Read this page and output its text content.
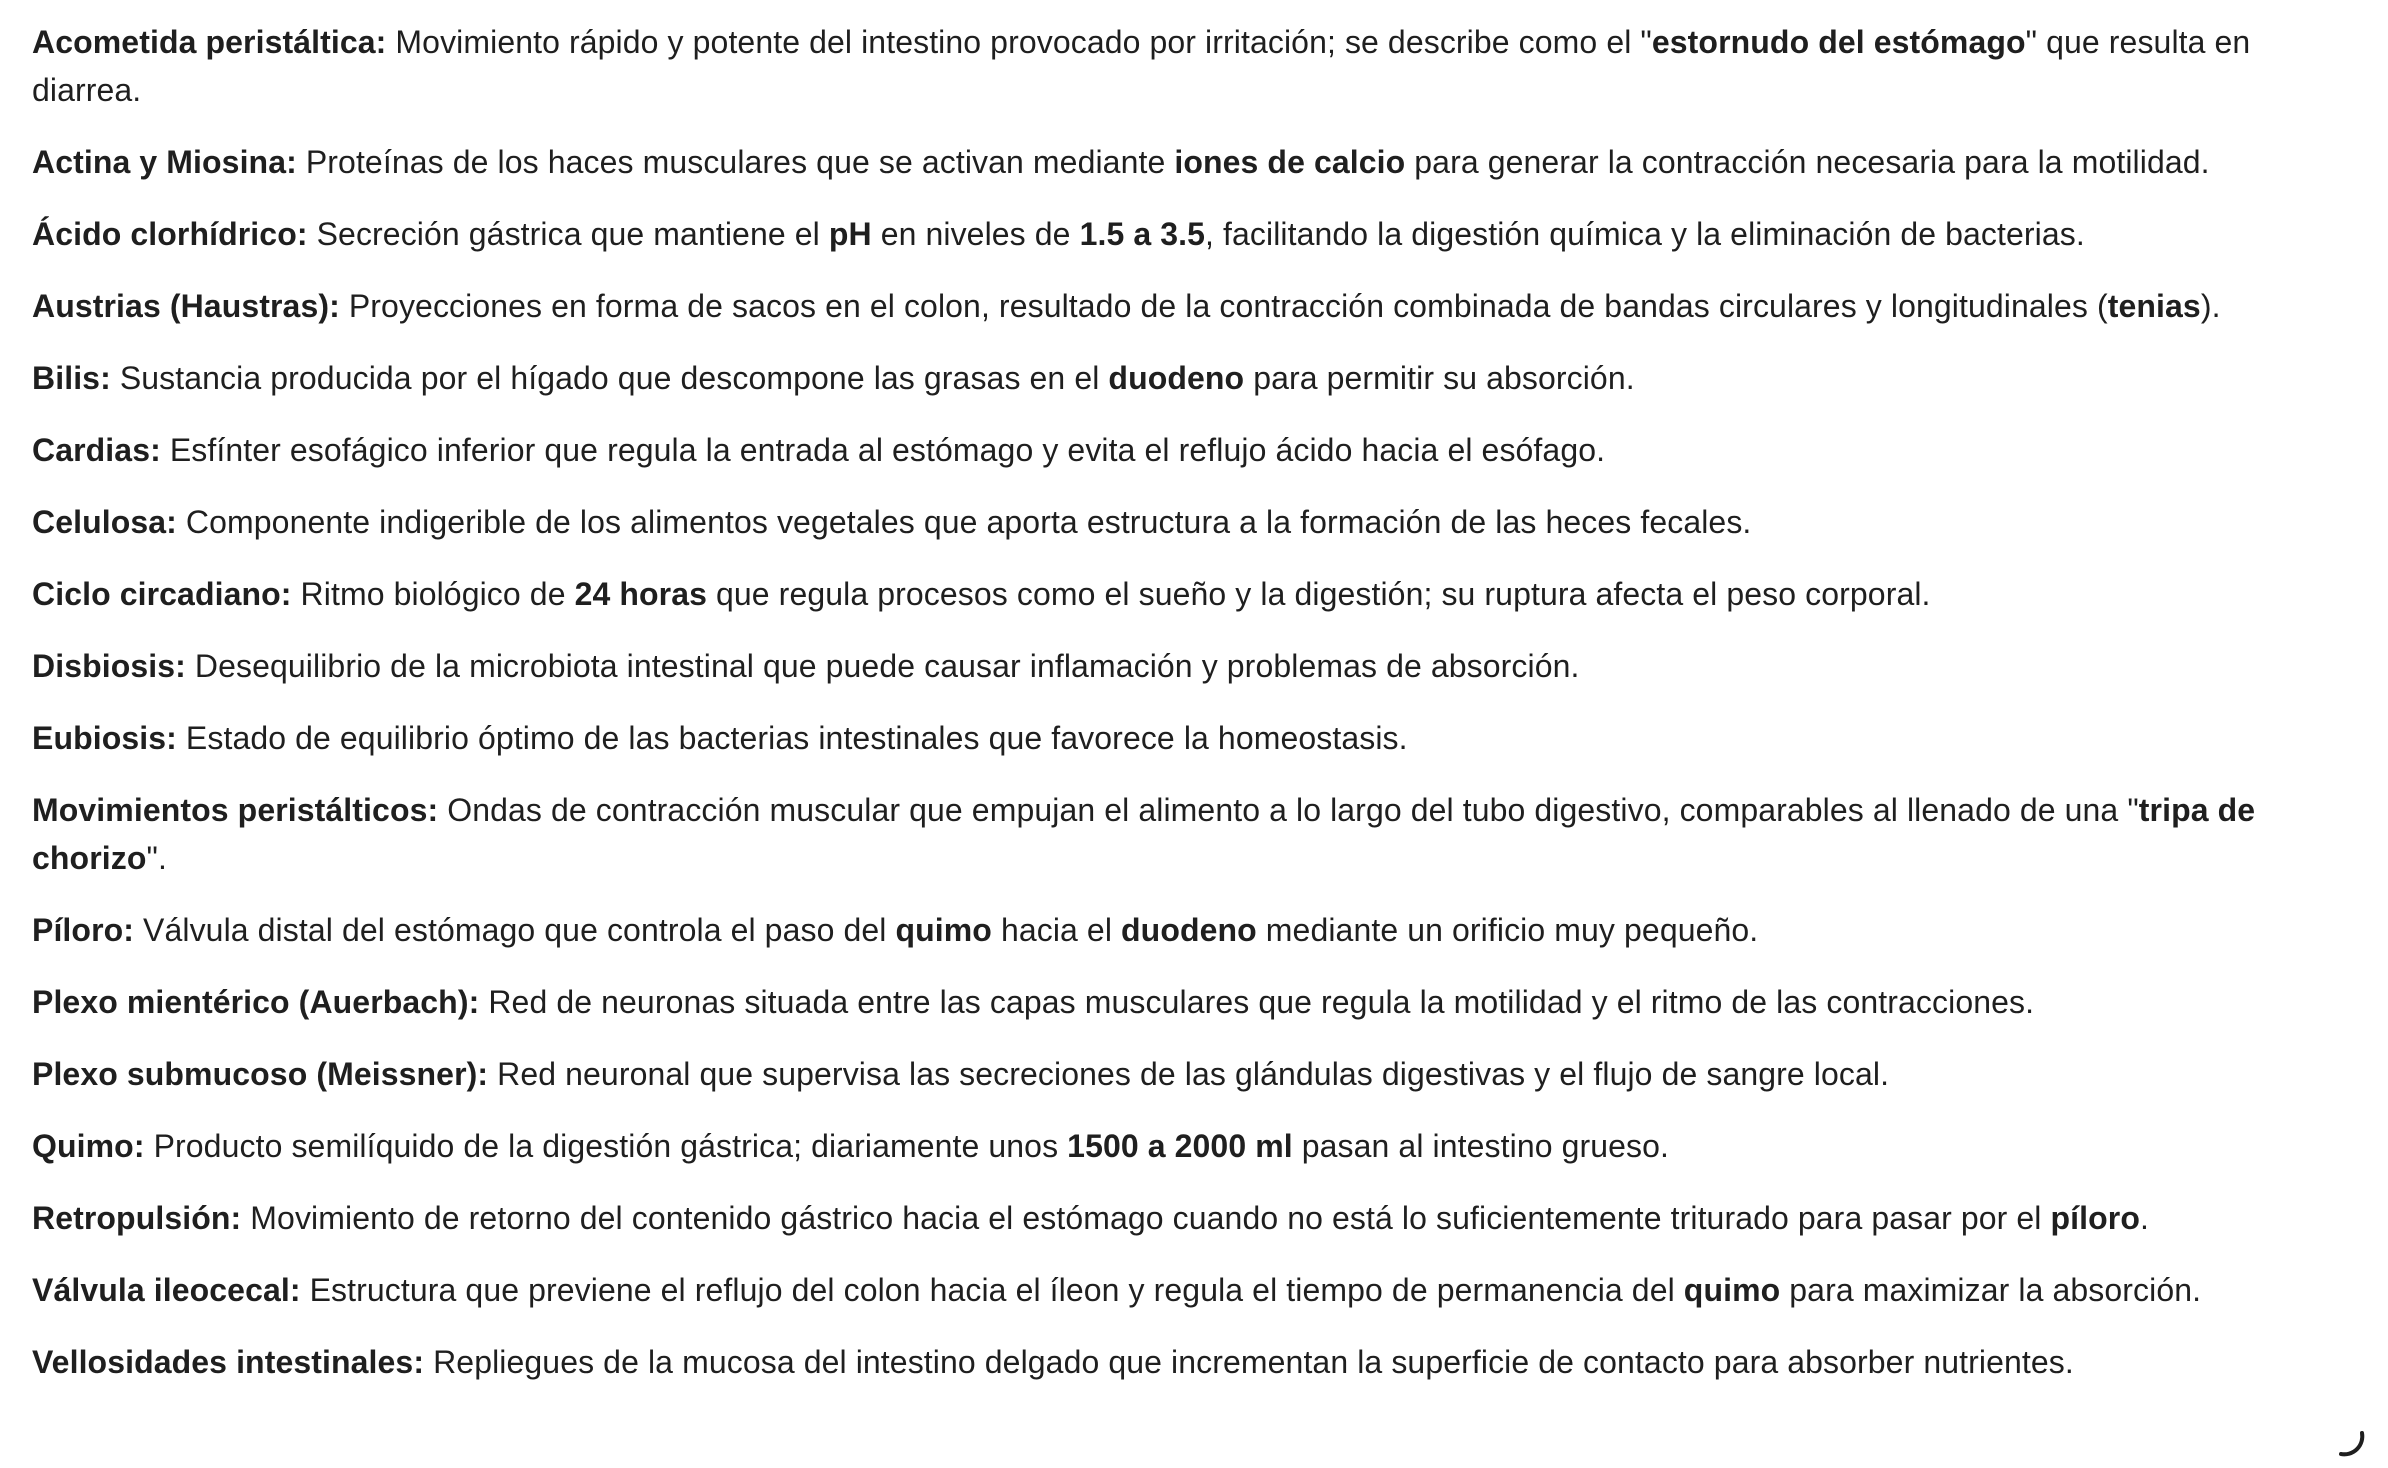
Acometida peristáltica: Movimiento rápido y potente del intestino provocado por irritación; se describe como el "estornudo del estómago" que resulta en diarrea.

Actina y Miosina: Proteínas de los haces musculares que se activan mediante iones de calcio para generar la contracción necesaria para la motilidad.

Ácido clorhídrico: Secreción gástrica que mantiene el pH en niveles de 1.5 a 3.5, facilitando la digestión química y la eliminación de bacterias.

Austrias (Haustras): Proyecciones en forma de sacos en el colon, resultado de la contracción combinada de bandas circulares y longitudinales (tenias).

Bilis: Sustancia producida por el hígado que descompone las grasas en el duodeno para permitir su absorción.

Cardias: Esfínter esofágico inferior que regula la entrada al estómago y evita el reflujo ácido hacia el esófago.

Celulosa: Componente indigerible de los alimentos vegetales que aporta estructura a la formación de las heces fecales.

Ciclo circadiano: Ritmo biológico de 24 horas que regula procesos como el sueño y la digestión; su ruptura afecta el peso corporal.

Disbiosis: Desequilibrio de la microbiota intestinal que puede causar inflamación y problemas de absorción.

Eubiosis: Estado de equilibrio óptimo de las bacterias intestinales que favorece la homeostasis.

Movimientos peristálticos: Ondas de contracción muscular que empujan el alimento a lo largo del tubo digestivo, comparables al llenado de una "tripa de chorizo".

Píloro: Válvula distal del estómago que controla el paso del quimo hacia el duodeno mediante un orificio muy pequeño.

Plexo mientérico (Auerbach): Red de neuronas situada entre las capas musculares que regula la motilidad y el ritmo de las contracciones.

Plexo submucoso (Meissner): Red neuronal que supervisa las secreciones de las glándulas digestivas y el flujo de sangre local.

Quimo: Producto semilíquido de la digestión gástrica; diariamente unos 1500 a 2000 ml pasan al intestino grueso.

Retropulsión: Movimiento de retorno del contenido gástrico hacia el estómago cuando no está lo suficientemente triturado para pasar por el píloro.

Válvula ileocecal: Estructura que previene el reflujo del colon hacia el íleon y regula el tiempo de permanencia del quimo para maximizar la absorción.

Vellosidades intestinales: Repliegues de la mucosa del intestino delgado que incrementan la superficie de contacto para absorber nutrientes.
